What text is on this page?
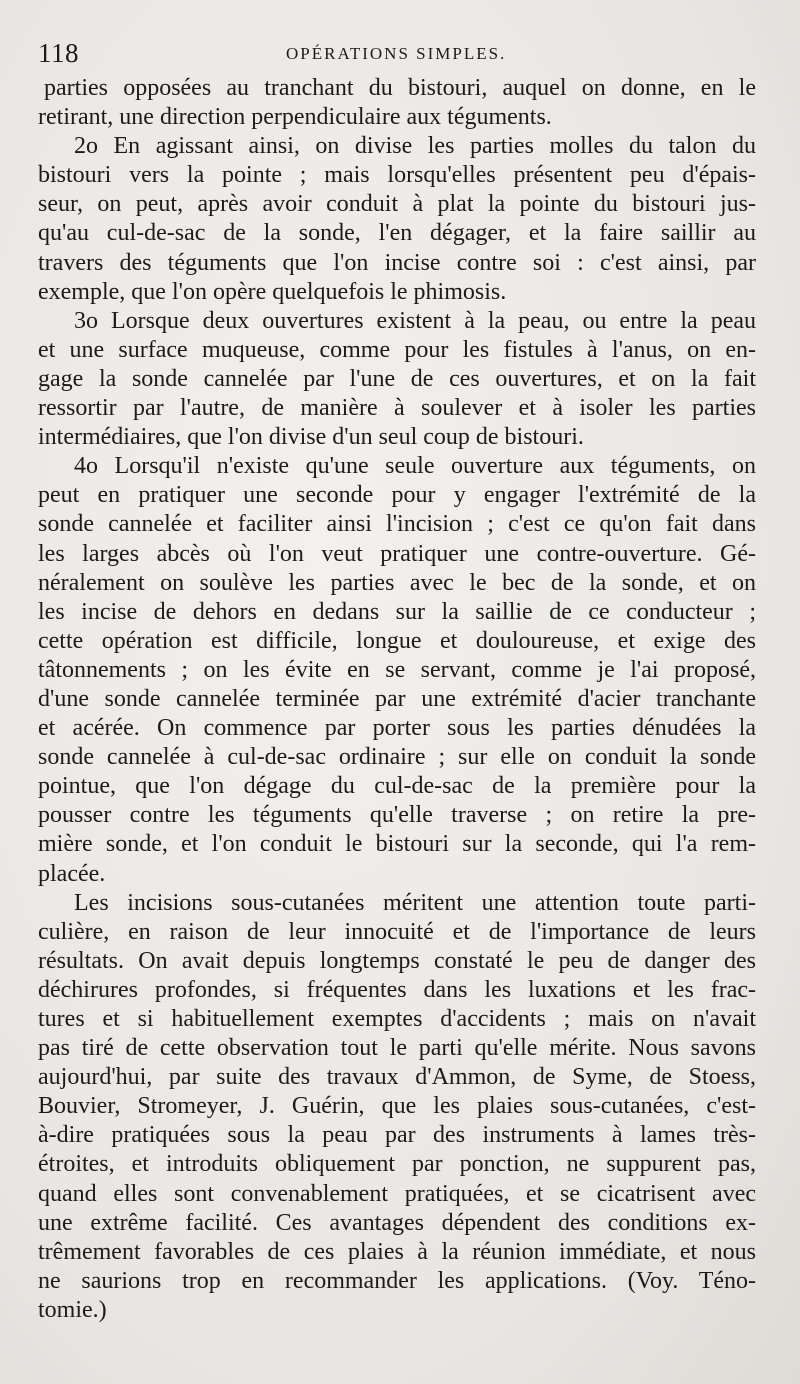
118	OPÉRATIONS SIMPLES.
parties opposées au tranchant du bistouri, auquel on donne, en le
retirant, une direction perpendiculaire aux téguments.
2o En agissant ainsi, on divise les parties molles du talon du
bistouri vers la pointe ; mais lorsqu'elles présentent peu d'épais-
seur, on peut, après avoir conduit à plat la pointe du bistouri jus-
qu'au cul-de-sac de la sonde, l'en dégager, et la faire saillir au
travers des téguments que l'on incise contre soi : c'est ainsi, par
exemple, que l'on opère quelquefois le phimosis.
3o Lorsque deux ouvertures existent à la peau, ou entre la peau
et une surface muqueuse, comme pour les fistules à l'anus, on en-
gage la sonde cannelée par l'une de ces ouvertures, et on la fait
ressortir par l'autre, de manière à soulever et à isoler les parties
intermédiaires, que l'on divise d'un seul coup de bistouri.
4o Lorsqu'il n'existe qu'une seule ouverture aux téguments, on
peut en pratiquer une seconde pour y engager l'extrémité de la
sonde cannelée et faciliter ainsi l'incision ; c'est ce qu'on fait dans
les larges abcès où l'on veut pratiquer une contre-ouverture. Gé-
néralement on soulève les parties avec le bec de la sonde, et on
les incise de dehors en dedans sur la saillie de ce conducteur ;
cette opération est difficile, longue et douloureuse, et exige des
tâtonnements ; on les évite en se servant, comme je l'ai proposé,
d'une sonde cannelée terminée par une extrémité d'acier tranchante
et acérée. On commence par porter sous les parties dénudées la
sonde cannelée à cul-de-sac ordinaire ; sur elle on conduit la sonde
pointue, que l'on dégage du cul-de-sac de la première pour la
pousser contre les téguments qu'elle traverse ; on retire la pre-
mière sonde, et l'on conduit le bistouri sur la seconde, qui l'a rem-
placée.
Les incisions sous-cutanées méritent une attention toute parti-
culière, en raison de leur innocuité et de l'importance de leurs
résultats. On avait depuis longtemps constaté le peu de danger des
déchirures profondes, si fréquentes dans les luxations et les frac-
tures et si habituellement exemptes d'accidents ; mais on n'avait
pas tiré de cette observation tout le parti qu'elle mérite. Nous savons
aujourd'hui, par suite des travaux d'Ammon, de Syme, de Stoess,
Bouvier, Stromeyer, J. Guérin, que les plaies sous-cutanées, c'est-
à-dire pratiquées sous la peau par des instruments à lames très-
étroites, et introduits obliquement par ponction, ne suppurent pas,
quand elles sont convenablement pratiquées, et se cicatrisent avec
une extrême facilité. Ces avantages dépendent des conditions ex-
trêmement favorables de ces plaies à la réunion immédiate, et nous
ne saurions trop en recommander les applications. (Voy. Téno-
tomie.)
